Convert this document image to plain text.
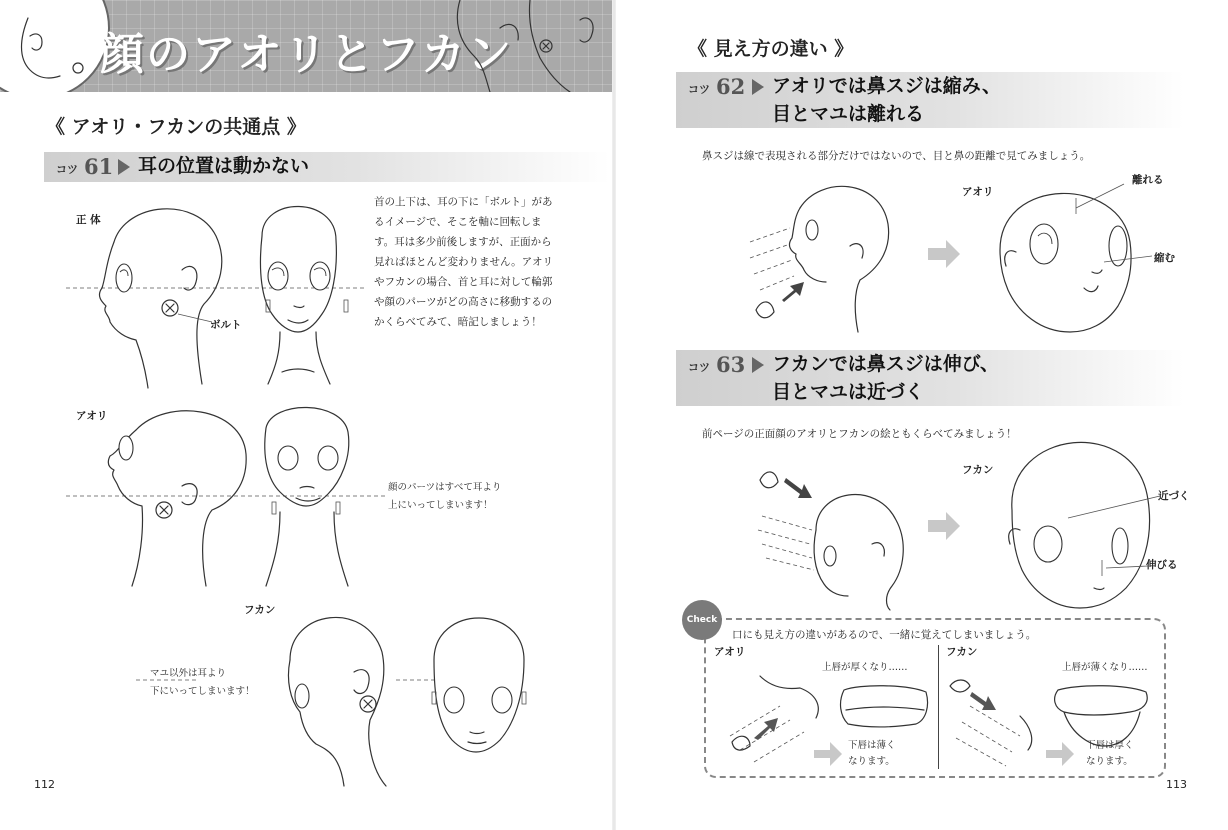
顔のアオリとフカン
《 アオリ・フカンの共通点 》
コツ 61 耳の位置は動かない
首の上下は、耳の下に「ボルト」があるイメージで、そこを軸に回転します。耳は多少前後しますが、正面から見ればほとんど変わりません。アオリやフカンの場合、首と耳に対して輪郭や顔のパーツがどの高さに移動するのかくらべてみて、暗記しましょう！
正 体
ボルト
アオリ
顔のパーツはすべて耳より
上にいってしまいます！
フカン
マユ以外は耳より
下にいってしまいます！
112
《 見え方の違い 》
コツ 62 アオリでは鼻スジは縮み、
目とマユは離れる
鼻スジは線で表現される部分だけではないので、目と鼻の距離で見てみましょう。
アオリ
離れる
縮む
コツ 63 フカンでは鼻スジは伸び、
目とマユは近づく
前ページの正面顔のアオリとフカンの絵ともくらべてみましょう！
フカン
近づく
伸びる
Check
口にも見え方の違いがあるので、一緒に覚えてしまいましょう。
アオリ
上唇が厚くなり……
下唇は薄く
なります。
フカン
上唇が薄くなり……
下唇は厚く
なります。
113
